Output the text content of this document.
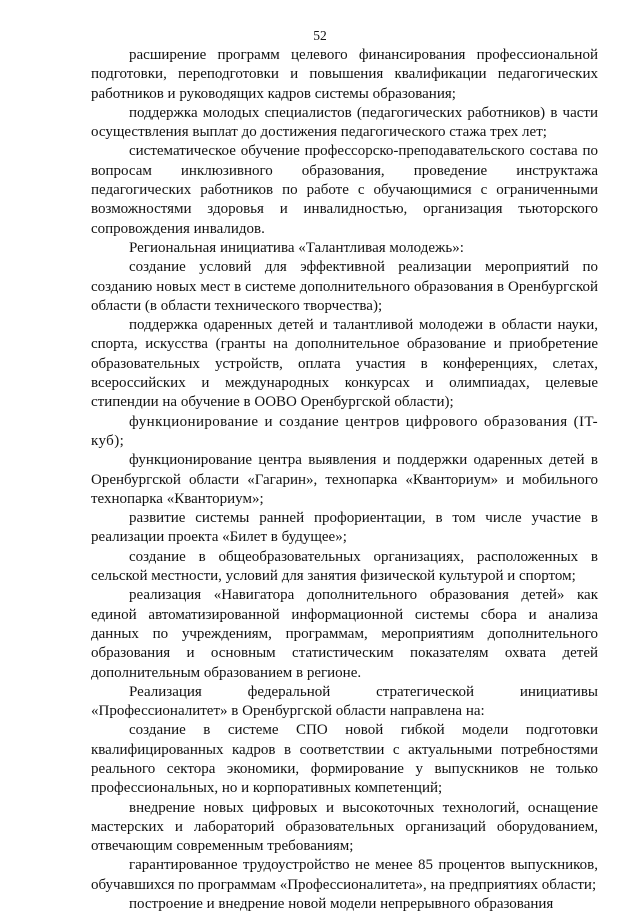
52

расширение программ целевого финансирования профессиональной подготовки, переподготовки и повышения квалификации педагогических работников и руководящих кадров системы образования;

поддержка молодых специалистов (педагогических работников) в части осуществления выплат до достижения педагогического стажа трех лет;

систематическое обучение профессорско-преподавательского состава по вопросам инклюзивного образования, проведение инструктажа педагогических работников по работе с обучающимися с ограниченными возможностями здоровья и инвалидностью, организация тьюторского сопровождения инвалидов.

Региональная инициатива «Талантливая молодежь»:

создание условий для эффективной реализации мероприятий по созданию новых мест в системе дополнительного образования в Оренбургской области (в области технического творчества);

поддержка одаренных детей и талантливой молодежи в области науки, спорта, искусства (гранты на дополнительное образование и приобретение образовательных устройств, оплата участия в конференциях, слетах, всероссийских и международных конкурсах и олимпиадах, целевые стипендии на обучение в ООВО Оренбургской области);

функционирование и создание центров цифрового образования (IT-куб);

функционирование центра выявления и поддержки одаренных детей в Оренбургской области «Гагарин», технопарка «Кванториум» и мобильного технопарка «Кванториум»;

развитие системы ранней профориентации, в том числе участие в реализации проекта «Билет в будущее»;

создание в общеобразовательных организациях, расположенных в сельской местности, условий для занятия физической культурой и спортом;

реализация «Навигатора дополнительного образования детей» как единой автоматизированной информационной системы сбора и анализа данных по учреждениям, программам, мероприятиям дополнительного образования и основным статистическим показателям охвата детей дополнительным образованием в регионе.

Реализация федеральной стратегической инициативы «Профессионалитет» в Оренбургской области направлена на:

создание в системе СПО новой гибкой модели подготовки квалифицированных кадров в соответствии с актуальными потребностями реального сектора экономики, формирование у выпускников не только профессиональных, но и корпоративных компетенций;

внедрение новых цифровых и высокоточных технологий, оснащение мастерских и лабораторий образовательных организаций оборудованием, отвечающим современным требованиям;

гарантированное трудоустройство не менее 85 процентов выпускников, обучавшихся по программам «Профессионалитета», на предприятиях области;

построение и внедрение новой модели непрерывного образования
